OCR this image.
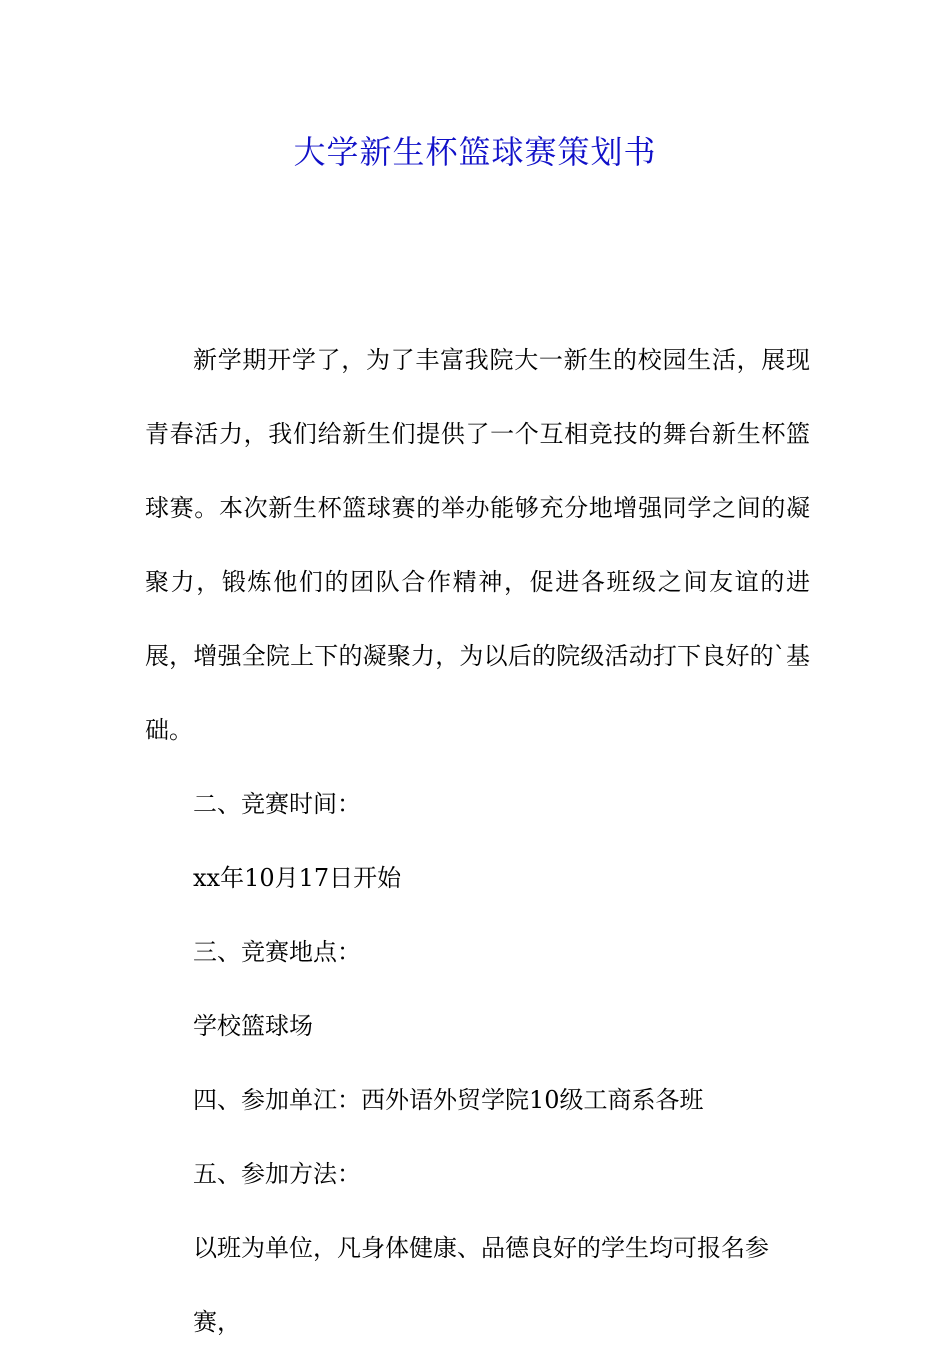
大学新生杯篮球赛策划书

新学期开学了，为了丰富我院大一新生的校园生活，展现青春活力，我们给新生们提供了一个互相竞技的舞台新生杯篮球赛。本次新生杯篮球赛的举办能够充分地增强同学之间的凝聚力，锻炼他们的团队合作精神，促进各班级之间友谊的进展，增强全院上下的凝聚力，为以后的院级活动打下良好的`基础。

二、竞赛时间：

xx年10月17日开始

三、竞赛地点：

学校篮球场

四、参加单江：西外语外贸学院10级工商系各班

五、参加方法：

以班为单位，凡身体健康、品德良好的学生均可报名参赛，
